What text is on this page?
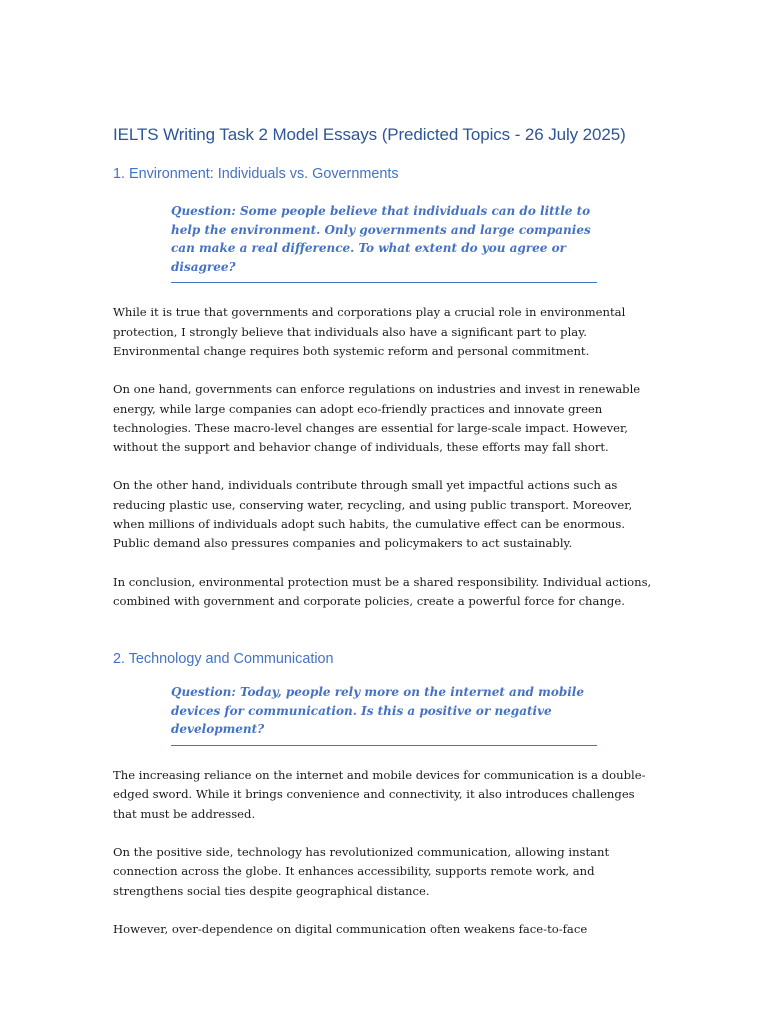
IELTS Writing Task 2 Model Essays (Predicted Topics - 26 July 2025)
1. Environment: Individuals vs. Governments

Question: Some people believe that individuals can do little to help the environment. Only governments and large companies can make a real difference. To what extent do you agree or disagree?

While it is true that governments and corporations play a crucial role in environmental protection, I strongly believe that individuals also have a significant part to play. Environmental change requires both systemic reform and personal commitment.

On one hand, governments can enforce regulations on industries and invest in renewable energy, while large companies can adopt eco-friendly practices and innovate green technologies. These macro-level changes are essential for large-scale impact. However, without the support and behavior change of individuals, these efforts may fall short.

On the other hand, individuals contribute through small yet impactful actions such as reducing plastic use, conserving water, recycling, and using public transport. Moreover, when millions of individuals adopt such habits, the cumulative effect can be enormous. Public demand also pressures companies and policymakers to act sustainably.

In conclusion, environmental protection must be a shared responsibility. Individual actions, combined with government and corporate policies, create a powerful force for change.

2. Technology and Communication

Question: Today, people rely more on the internet and mobile devices for communication. Is this a positive or negative development?

The increasing reliance on the internet and mobile devices for communication is a double-edged sword. While it brings convenience and connectivity, it also introduces challenges that must be addressed.

On the positive side, technology has revolutionized communication, allowing instant connection across the globe. It enhances accessibility, supports remote work, and strengthens social ties despite geographical distance.

However, over-dependence on digital communication often weakens face-to-face
